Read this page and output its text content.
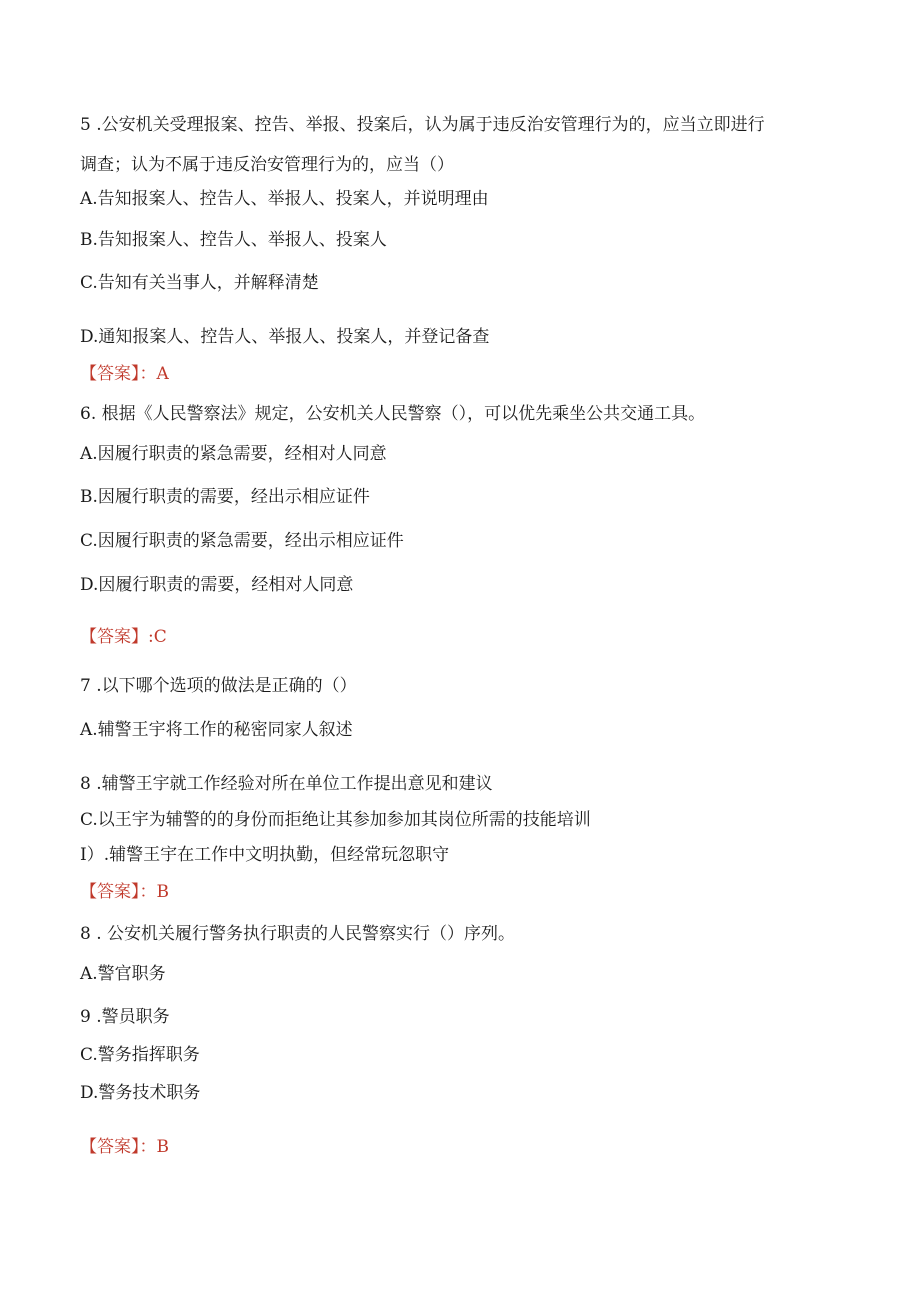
5 .公安机关受理报案、控告、举报、投案后，认为属于违反治安管理行为的，应当立即进行
调查；认为不属于违反治安管理行为的，应当（）
A.告知报案人、控告人、举报人、投案人，并说明理由
B.告知报案人、控告人、举报人、投案人
C.告知有关当事人，并解释清楚
D.通知报案人、控告人、举报人、投案人，并登记备查
【答案】：A
6. 根据《人民警察法》规定，公安机关人民警察（），可以优先乘坐公共交通工具。
A.因履行职责的紧急需要，经相对人同意
B.因履行职责的需要，经出示相应证件
C.因履行职责的紧急需要，经出示相应证件
D.因履行职责的需要，经相对人同意
【答案】:C
7 .以下哪个选项的做法是正确的（）
A.辅警王宇将工作的秘密同家人叙述
8 .辅警王宇就工作经验对所在单位工作提出意见和建议
C.以王宇为辅警的的身份而拒绝让其参加参加其岗位所需的技能培训
I）.辅警王宇在工作中文明执勤，但经常玩忽职守
【答案】：B
8 . 公安机关履行警务执行职责的人民警察实行（）序列。
A.警官职务
9 .警员职务
C.警务指挥职务
D.警务技术职务
【答案】：B
